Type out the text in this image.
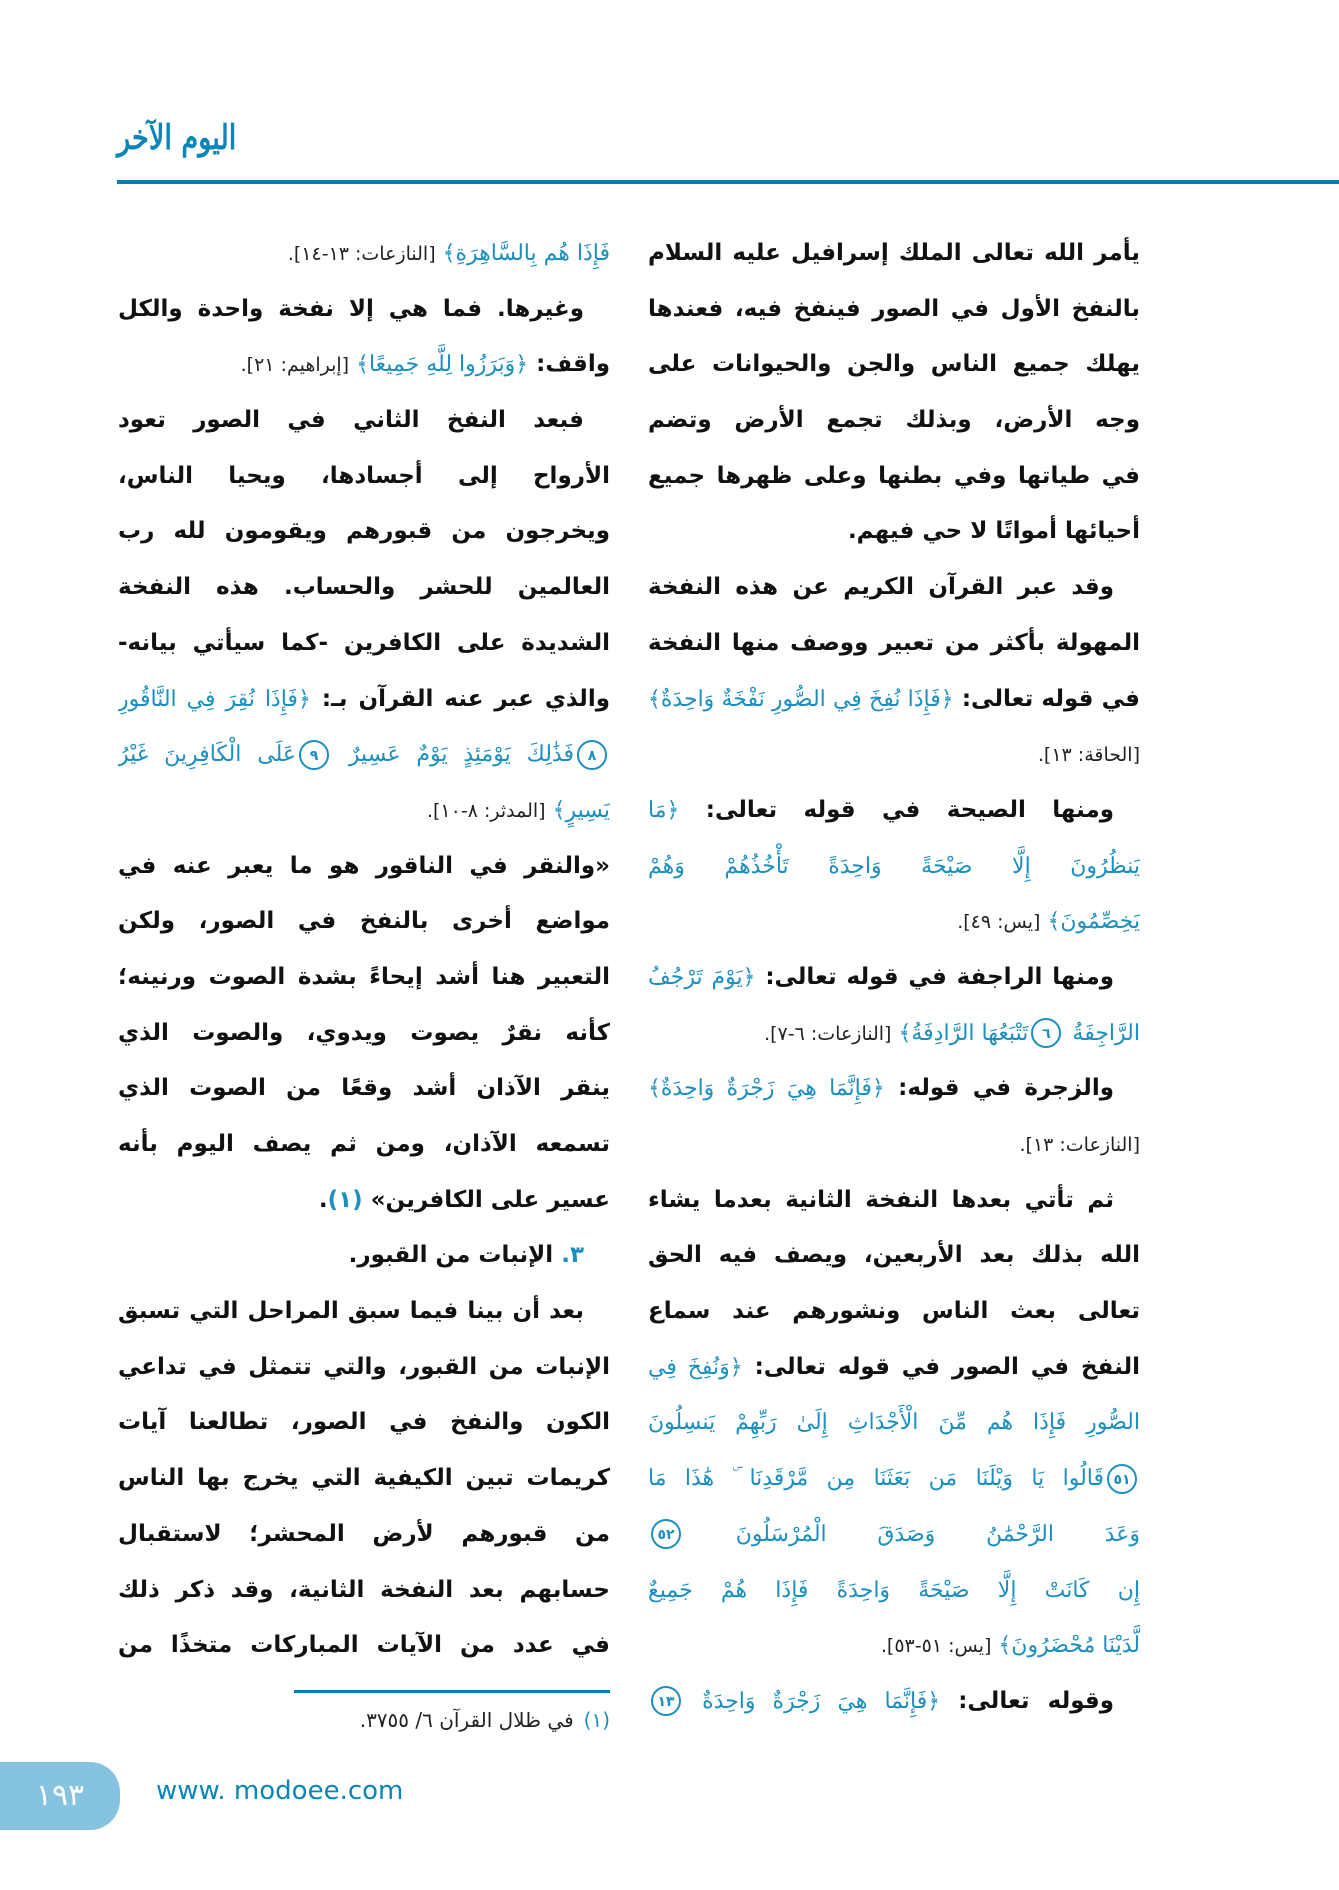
اليوم الآخر
يأمر الله تعالى الملك إسرافيل عليه السلام
بالنفخ الأول في الصور فينفخ فيه، فعندها
يهلك جميع الناس والجن والحيوانات على
وجه الأرض، وبذلك تجمع الأرض وتضم
في طياتها وفي بطنها وعلى ظهرها جميع
أحيائها أمواتًا لا حي فيهم.
وقد عبر القرآن الكريم عن هذه النفخة
المهولة بأكثر من تعبير ووصف منها النفخة
في قوله تعالى: ﴿فَإِذَا نُفِخَ فِي الصُّورِ نَفْخَةٌ وَاحِدَةٌ﴾
[الحاقة: ١٣].
ومنها الصيحة في قوله تعالى: ﴿مَا
يَنظُرُونَ إِلَّا صَيْحَةً وَاحِدَةً تَأْخُذُهُمْ وَهُمْ
يَخِصِّمُونَ﴾ [يس: ٤٩].
ومنها الراجفة في قوله تعالى: ﴿يَوْمَ تَرْجُفُ
الرَّاجِفَةُ ٦تَتْبَعُهَا الرَّادِفَةُ﴾ [النازعات: ٦-٧].
والزجرة في قوله: ﴿فَإِنَّمَا هِيَ زَجْرَةٌ وَاحِدَةٌ﴾
[النازعات: ١٣].
ثم تأتي بعدها النفخة الثانية بعدما يشاء
الله بذلك بعد الأربعين، ويصف فيه الحق
تعالى بعث الناس ونشورهم عند سماع
النفخ في الصور في قوله تعالى: ﴿وَنُفِخَ فِي
الصُّورِ فَإِذَا هُم مِّنَ الْأَجْدَاثِ إِلَىٰ رَبِّهِمْ يَنسِلُونَ
٥١قَالُوا يَا وَيْلَنَا مَن بَعَثَنَا مِن مَّرْقَدِنَا ۜ هَٰذَا مَا
وَعَدَ الرَّحْمَٰنُ وَصَدَقَ الْمُرْسَلُونَ ٥٢
إِن كَانَتْ إِلَّا صَيْحَةً وَاحِدَةً فَإِذَا هُمْ جَمِيعٌ
لَّدَيْنَا مُحْضَرُونَ﴾ [يس: ٥١-٥٣].
وقوله تعالى: ﴿فَإِنَّمَا هِيَ زَجْرَةٌ وَاحِدَةٌ ١٣
فَإِذَا هُم بِالسَّاهِرَةِ﴾ [النازعات: ١٣-١٤].
وغيرها. فما هي إلا نفخة واحدة والكل
واقف: ﴿وَبَرَزُوا لِلَّهِ جَمِيعًا﴾ [إبراهيم: ٢١].
فبعد النفخ الثاني في الصور تعود
الأرواح إلى أجسادها، ويحيا الناس،
ويخرجون من قبورهم ويقومون لله رب
العالمين للحشر والحساب. هذه النفخة
الشديدة على الكافرين -كما سيأتي بيانه-
والذي عبر عنه القرآن بـ: ﴿فَإِذَا نُقِرَ فِي النَّاقُورِ
٨فَذَٰلِكَ يَوْمَئِذٍ يَوْمٌ عَسِيرٌ ٩عَلَى الْكَافِرِينَ غَيْرُ
يَسِيرٍ﴾ [المدثر: ٨-١٠].
«والنقر في الناقور هو ما يعبر عنه في
مواضع أخرى بالنفخ في الصور، ولكن
التعبير هنا أشد إيحاءً بشدة الصوت ورنينه؛
كأنه نقرٌ يصوت ويدوي، والصوت الذي
ينقر الآذان أشد وقعًا من الصوت الذي
تسمعه الآذان، ومن ثم يصف اليوم بأنه
عسير على الكافرين» (١).
٣. الإنبات من القبور.
بعد أن بينا فيما سبق المراحل التي تسبق
الإنبات من القبور، والتي تتمثل في تداعي
الكون والنفخ في الصور، تطالعنا آيات
كريمات تبين الكيفية التي يخرج بها الناس
من قبورهم لأرض المحشر؛ لاستقبال
حسابهم بعد النفخة الثانية، وقد ذكر ذلك
في عدد من الآيات المباركات متخذًا من
(١)في ظلال القرآن ٦/ ٣٧٥٥.
١٩٣	www. modoee.com
